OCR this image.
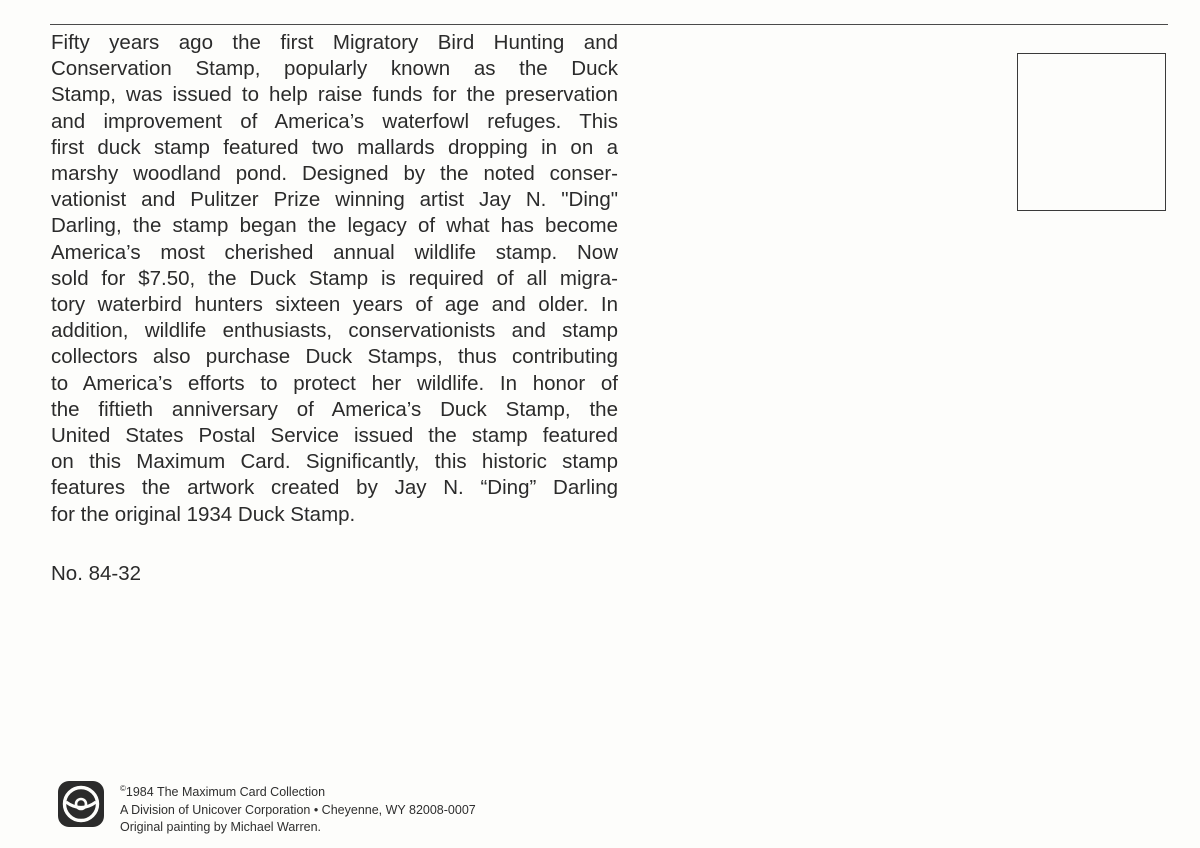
Fifty years ago the first Migratory Bird Hunting and
Conservation Stamp, popularly known as the Duck
Stamp, was issued to help raise funds for the preservation
and improvement of America’s waterfowl refuges. This
first duck stamp featured two mallards dropping in on a
marshy woodland pond. Designed by the noted conser-
vationist and Pulitzer Prize winning artist Jay N. "Ding"
Darling, the stamp began the legacy of what has become
America’s most cherished annual wildlife stamp. Now
sold for $7.50, the Duck Stamp is required of all migra-
tory waterbird hunters sixteen years of age and older. In
addition, wildlife enthusiasts, conservationists and stamp
collectors also purchase Duck Stamps, thus contributing
to America’s efforts to protect her wildlife. In honor of
the fiftieth anniversary of America’s Duck Stamp, the
United States Postal Service issued the stamp featured
on this Maximum Card. Significantly, this historic stamp
features the artwork created by Jay N. “Ding” Darling
for the original 1934 Duck Stamp.
No. 84-32
©1984 The Maximum Card Collection
A Division of Unicover Corporation • Cheyenne, WY 82008-0007
Original painting by Michael Warren.
